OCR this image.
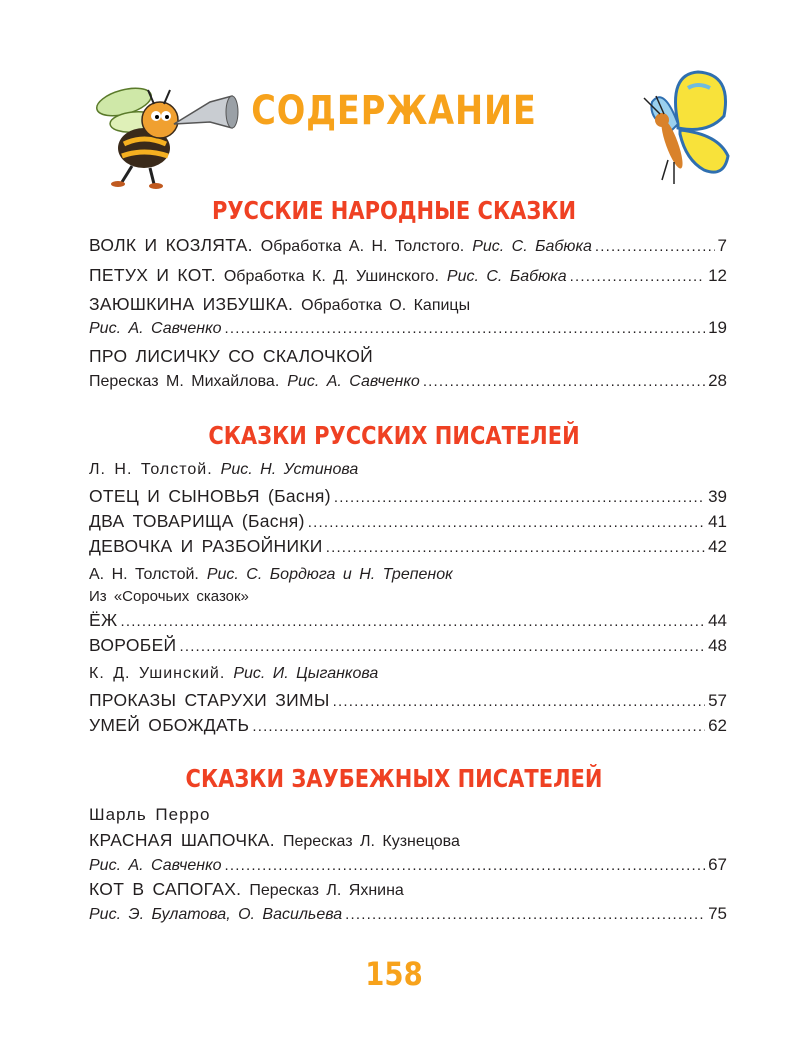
СОДЕРЖАНИЕ
РУССКИЕ НАРОДНЫЕ СКАЗКИ
ВОЛК И КОЗЛЯТА. Обработка А. Н. Толстого. Рис. С. Бабюка .....	7
ПЕТУХ И КОТ. Обработка К. Д. Ушинского. Рис. С. Бабюка .....	12
ЗАЮШКИНА ИЗБУШКА. Обработка О. Капицы
Рис. А. Савченко .....	19
ПРО ЛИСИЧКУ СО СКАЛОЧКОЙ
Пересказ М. Михайлова. Рис. А. Савченко .....	28
СКАЗКИ РУССКИХ ПИСАТЕЛЕЙ
Л. Н. Толстой. Рис. Н. Устинова
ОТЕЦ И СЫНОВЬЯ (Басня) .....	39
ДВА ТОВАРИЩА (Басня) .....	41
ДЕВОЧКА И РАЗБОЙНИКИ .....	42
А. Н. Толстой. Рис. С. Бордюга и Н. Трепенок
Из «Сорочьих сказок»
ЁЖ .....	44
ВОРОБЕЙ .....	48
К. Д. Ушинский. Рис. И. Цыганкова
ПРОКАЗЫ СТАРУХИ ЗИМЫ .....	57
УМЕЙ ОБОЖДАТЬ .....	62
СКАЗКИ ЗАУБЕЖНЫХ ПИСАТЕЛЕЙ
Шарль Перро
КРАСНАЯ ШАПОЧКА. Пересказ Л. Кузнецова
Рис. А. Савченко .....	67
КОТ В САПОГАХ. Пересказ Л. Яхнина
Рис. Э. Булатова, О. Васильева .....	75
158
